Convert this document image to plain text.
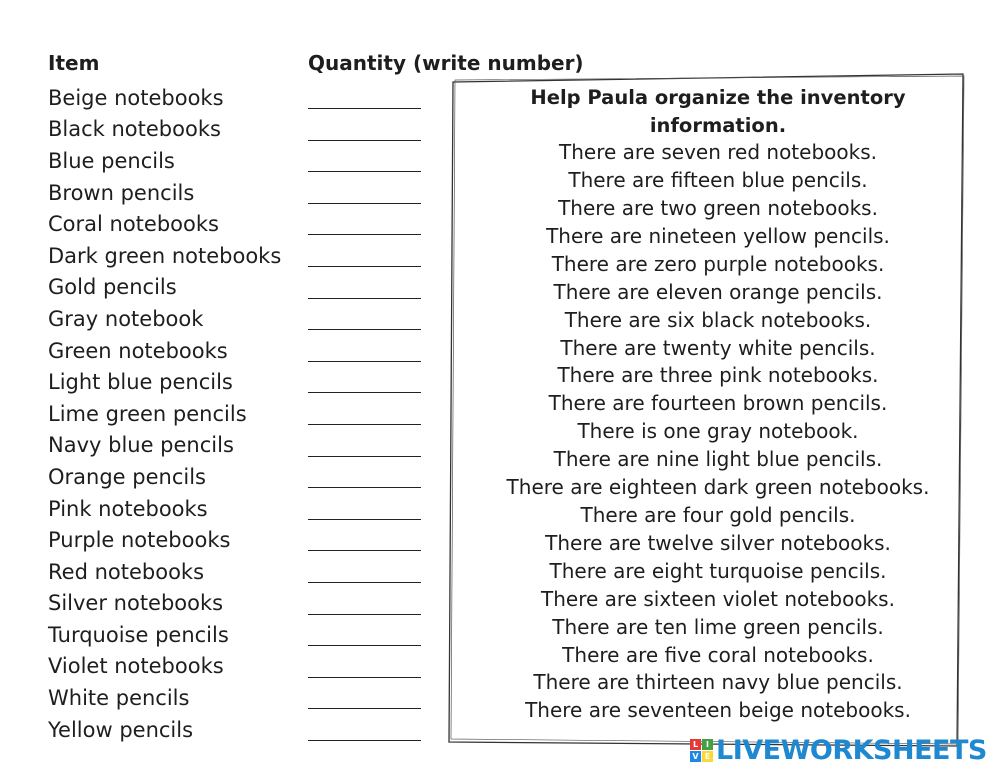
Item	Quantity (write number)
Beige notebooks
Black notebooks
Blue pencils
Brown pencils
Coral notebooks
Dark green notebooks
Gold pencils
Gray notebook
Green notebooks
Light blue pencils
Lime green pencils
Navy blue pencils
Orange pencils
Pink notebooks
Purple notebooks
Red notebooks
Silver notebooks
Turquoise pencils
Violet notebooks
White pencils
Yellow pencils
Help Paula organize the inventory information.
There are seven red notebooks.
There are fifteen blue pencils.
There are two green notebooks.
There are nineteen yellow pencils.
There are zero purple notebooks.
There are eleven orange pencils.
There are six black notebooks.
There are twenty white pencils.
There are three pink notebooks.
There are fourteen brown pencils.
There is one gray notebook.
There are nine light blue pencils.
There are eighteen dark green notebooks.
There are four gold pencils.
There are twelve silver notebooks.
There are eight turquoise pencils.
There are sixteen violet notebooks.
There are ten lime green pencils.
There are five coral notebooks.
There are thirteen navy blue pencils.
There are seventeen beige notebooks.
L I
V E LIVEWORKSHEETS
